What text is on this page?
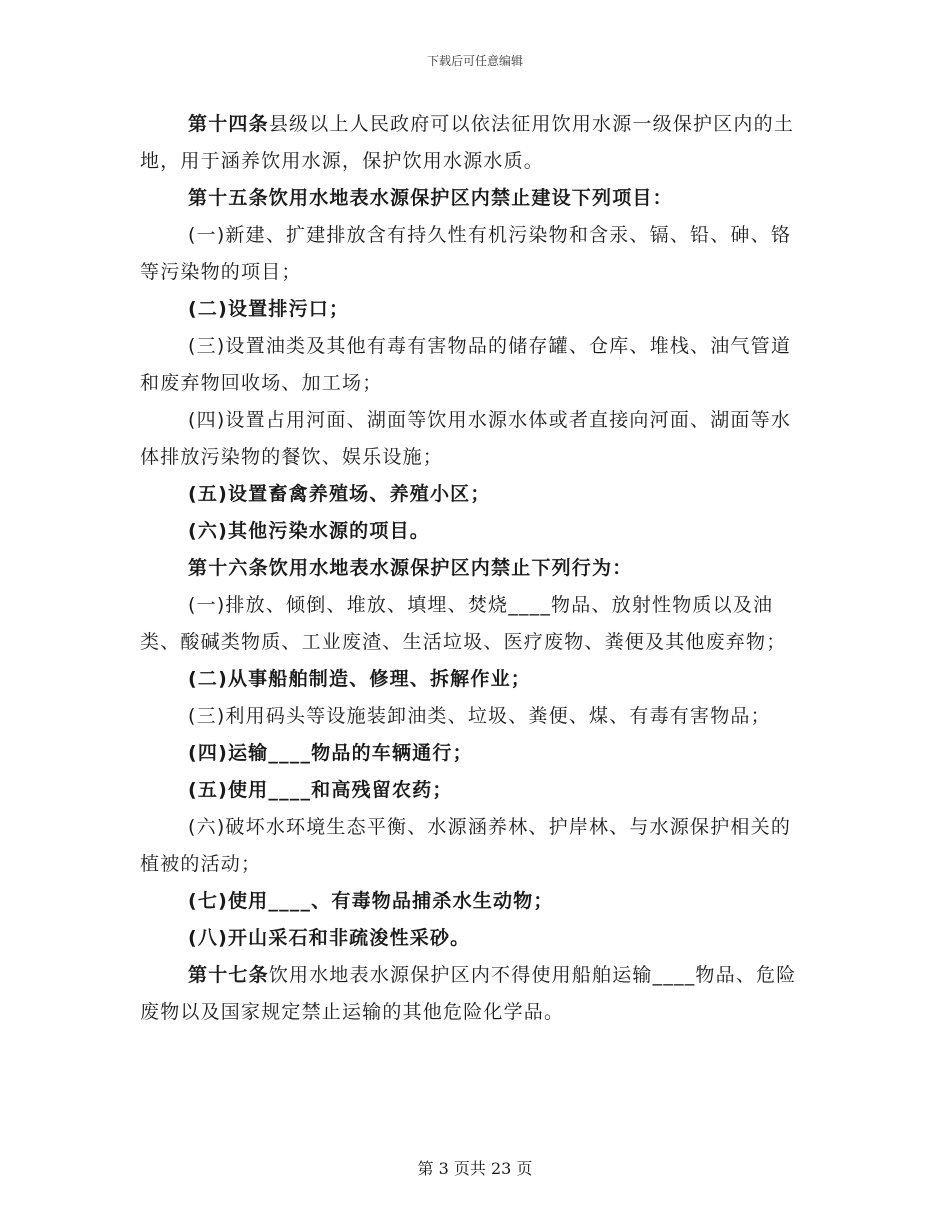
下载后可任意编辑

第十四条县级以上人民政府可以依法征用饮用水源一级保护区内的土地，用于涵养饮用水源，保护饮用水源水质。

第十五条饮用水地表水源保护区内禁止建设下列项目：

(一)新建、扩建排放含有持久性有机污染物和含汞、镉、铅、砷、铬等污染物的项目；

(二)设置排污口；

(三)设置油类及其他有毒有害物品的储存罐、仓库、堆栈、油气管道和废弃物回收场、加工场；

(四)设置占用河面、湖面等饮用水源水体或者直接向河面、湖面等水体排放污染物的餐饮、娱乐设施；

(五)设置畜禽养殖场、养殖小区；

(六)其他污染水源的项目。

第十六条饮用水地表水源保护区内禁止下列行为：

(一)排放、倾倒、堆放、填埋、焚烧____物品、放射性物质以及油类、酸碱类物质、工业废渣、生活垃圾、医疗废物、粪便及其他废弃物；

(二)从事船舶制造、修理、拆解作业；

(三)利用码头等设施装卸油类、垃圾、粪便、煤、有毒有害物品；

(四)运输____物品的车辆通行；

(五)使用____和高残留农药；

(六)破坏水环境生态平衡、水源涵养林、护岸林、与水源保护相关的植被的活动；

(七)使用____、有毒物品捕杀水生动物；

(八)开山采石和非疏浚性采砂。

第十七条饮用水地表水源保护区内不得使用船舶运输____物品、危险废物以及国家规定禁止运输的其他危险化学品。

第 3 页共 23 页
